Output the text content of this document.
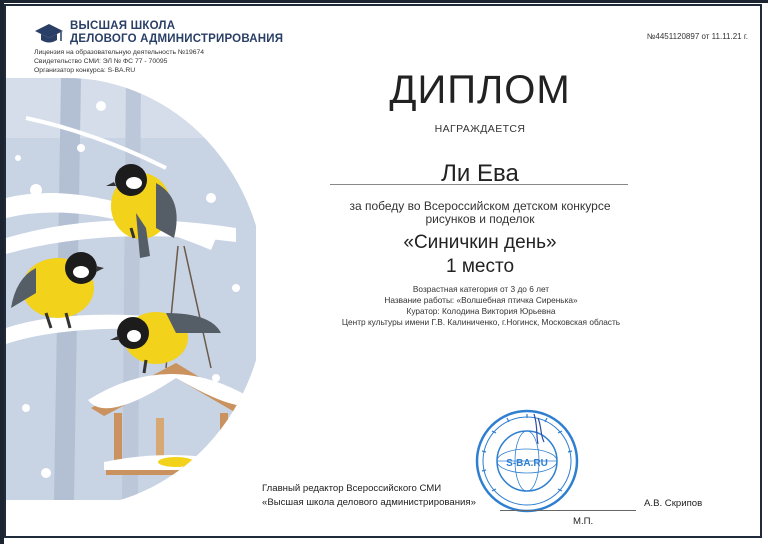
ВЫСШАЯ ШКОЛА
ДЕЛОВОГО АДМИНИСТРИРОВАНИЯ
Лицензия на образовательную деятельность №19674
Свидетельство СМИ: ЭЛ № ФС 77 - 70095
Организатор конкурса: S-BA.RU
№4451120897 от 11.11.21 г.
ДИПЛОМ
НАГРАЖДАЕТСЯ
Ли Ева
за победу во Всероссийском детском конкурсе
рисунков и поделок
«Синичкин день»
1 место
Возрастная категория от 3 до 6 лет
Название работы: «Волшебная птичка Сиренька»
Куратор: Колодина Виктория Юрьевна
Центр культуры имени Г.В. Калиниченко, г.Ногинск, Московская область
S-BA.RU
Главный редактор Всероссийского СМИ
«Высшая школа делового администрирования»	А.В. Скрипов
М.П.
